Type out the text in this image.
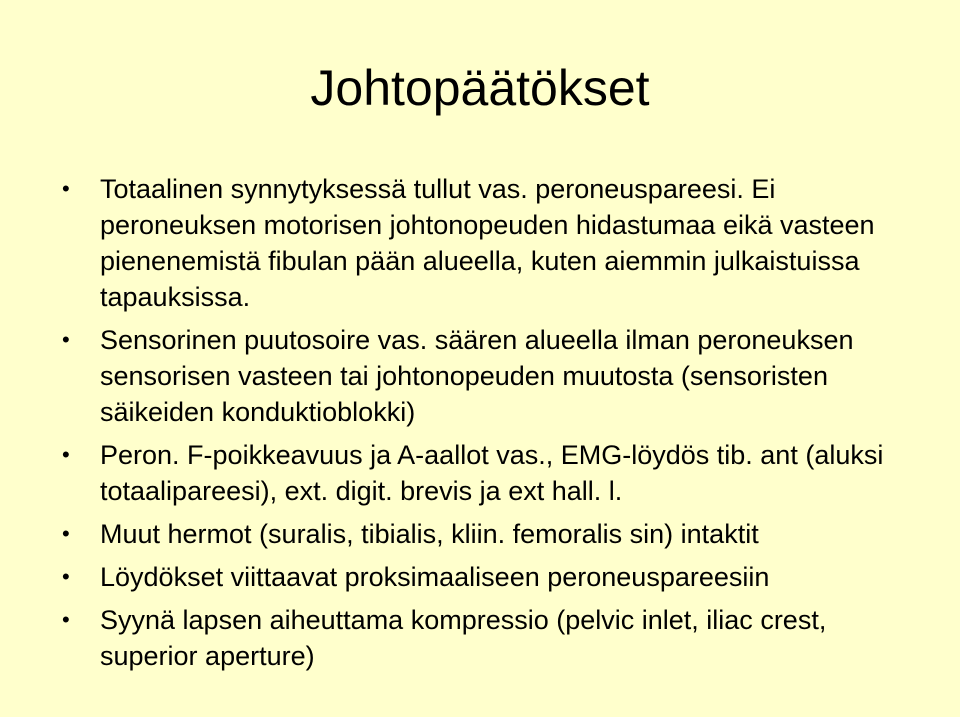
Johtopäätökset
• Totaalinen synnytyksessä tullut vas. peroneuspareesi. Ei peroneuksen motorisen johtonopeuden hidastumaa eikä vasteen pienenemistä fibulan pään alueella, kuten aiemmin julkaistuissa tapauksissa.
• Sensorinen puutosoire vas. säären alueella ilman peroneuksen sensorisen vasteen tai johtonopeuden muutosta (sensoristen säikeiden konduktioblokki)
• Peron. F-poikkeavuus ja A-aallot vas., EMG-löydös tib. ant (aluksi totaalipareesi), ext. digit. brevis ja ext hall. l.
• Muut hermot (suralis, tibialis, kliin. femoralis sin) intaktit
• Löydökset viittaavat proksimaaliseen peroneuspareesiin
• Syynä lapsen aiheuttama kompressio (pelvic inlet, iliac crest, superior aperture)
